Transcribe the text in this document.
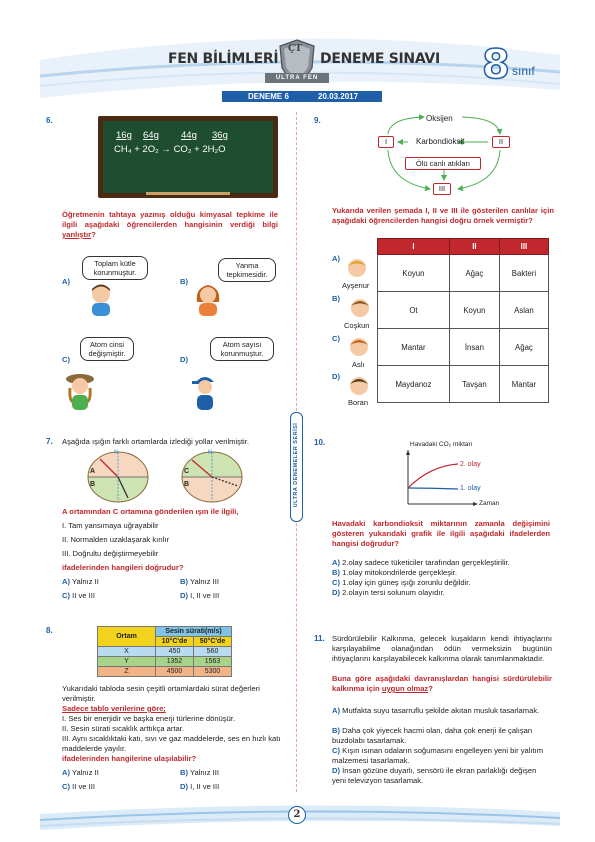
FEN BİLİMLERİ	DENEME SINAVI
ÇT
ULTRA FEN	8 sınıf
DENEME 6	20.03.2017
ULTRA DENEMELER SERİSİ
6.
16g 64g 44g 36g
CH₄ + 2O₂ → CO₂ + 2H₂O
Öğretmenin tahtaya yazmış olduğu kimyasal tepkime ile ilgili aşağıdaki öğrencilerden hangisinin verdiği bilgi yanlıştır?
A)
Toplam kütle korunmuştur.
B)
Yanma tepkimesidir.
C)
Atom cinsi değişmiştir.
D)
Atom sayısı korunmuştur.
7. Aşağıda ışığın farklı ortamlarda izlediği yollar verilmiştir.
N	N
A
B
C
B
A ortamından C ortamına gönderilen ışın ile ilgili,
I. Tam yansımaya uğrayabilir
II. Normalden uzaklaşarak kırılır
III. Doğrultu değiştirmeyebilir
ifadelerinden hangileri doğrudur?
A) Yalnız II	B) Yalnız III
C) II ve III	D) I, II ve III
8.
Ortam	Sesin sürati(m/s)	
	10°C'de	50°C'de
X	450	560
Y	1352	1563
Z	4500	5300
Yukarıdaki tabloda sesin çeşitli ortamlardaki sürat değerleri verilmiştir.
Sadece tablo verilerine göre;
I. Ses bir enerjidir ve başka enerji türlerine dönüşür.
II. Sesin sürati sıcaklık arttıkça artar.
III. Aynı sıcaklıktaki katı, sıvı ve gaz maddelerde, ses en hızlı katı maddelerde yayılır.
ifadelerinden hangilerine ulaşılabilir?
A) Yalnız II	B) Yalnız III
C) II ve III	D) I, II ve III
9.	Oksijen
Karbondioksit
I	II
Ölü canlı atıkları
III
Yukarıda verilen şemada I, II ve III ile gösterilen canlılar için aşağıdaki öğrencilerden hangisi doğru örnek vermiştir?
I	II	III
Koyun	Ağaç	Bakteri
Ot	Koyun	Aslan
Mantar	İnsan	Ağaç
Maydanoz	Tavşan	Mantar
A)
Ayşenur
B)
Coşkun
C)
Aslı
D)
Boran
10.	Havadaki CO₂ miktarı
2. olay
1. olay
Zaman
Havadaki karbondioksit miktarının zamanla değişimini gösteren yukarıdaki grafik ile ilgili aşağıdaki ifadelerden hangisi doğrudur?
A) 2.olay sadece tüketiciler tarafından gerçekleştirilir.
B) 1.olay mitokondrilerde gerçekleşir.
C) 1.olay için güneş ışığı zorunlu değildir.
D) 2.olayın tersi solunum olayıdır.
11. Sürdürülebilir Kalkınma, gelecek kuşakların kendi ihtiyaçlarını karşılayabilme olanağından ödün vermeksizin bugünün ihtiyaçlarını karşılayabilecek kalkınma olarak tanımlanmaktadır.
Buna göre aşağıdaki davranışlardan hangisi sürdürülebilir kalkınma için uygun olmaz?
A) Mutfakta suyu tasarruflu şekilde akıtan musluk tasarlamak.
B) Daha çok yiyecek hacmi olan, daha çok enerji ile çalışan buzdolabı tasarlamak.
C) Kışın ısınan odaların soğumasını engelleyen yeni bir yalıtım malzemesi tasarlamak.
D) İnsan gözüne duyarlı, sensörü ile ekran parlaklığı değişen yeni televizyon tasarlamak.
2
